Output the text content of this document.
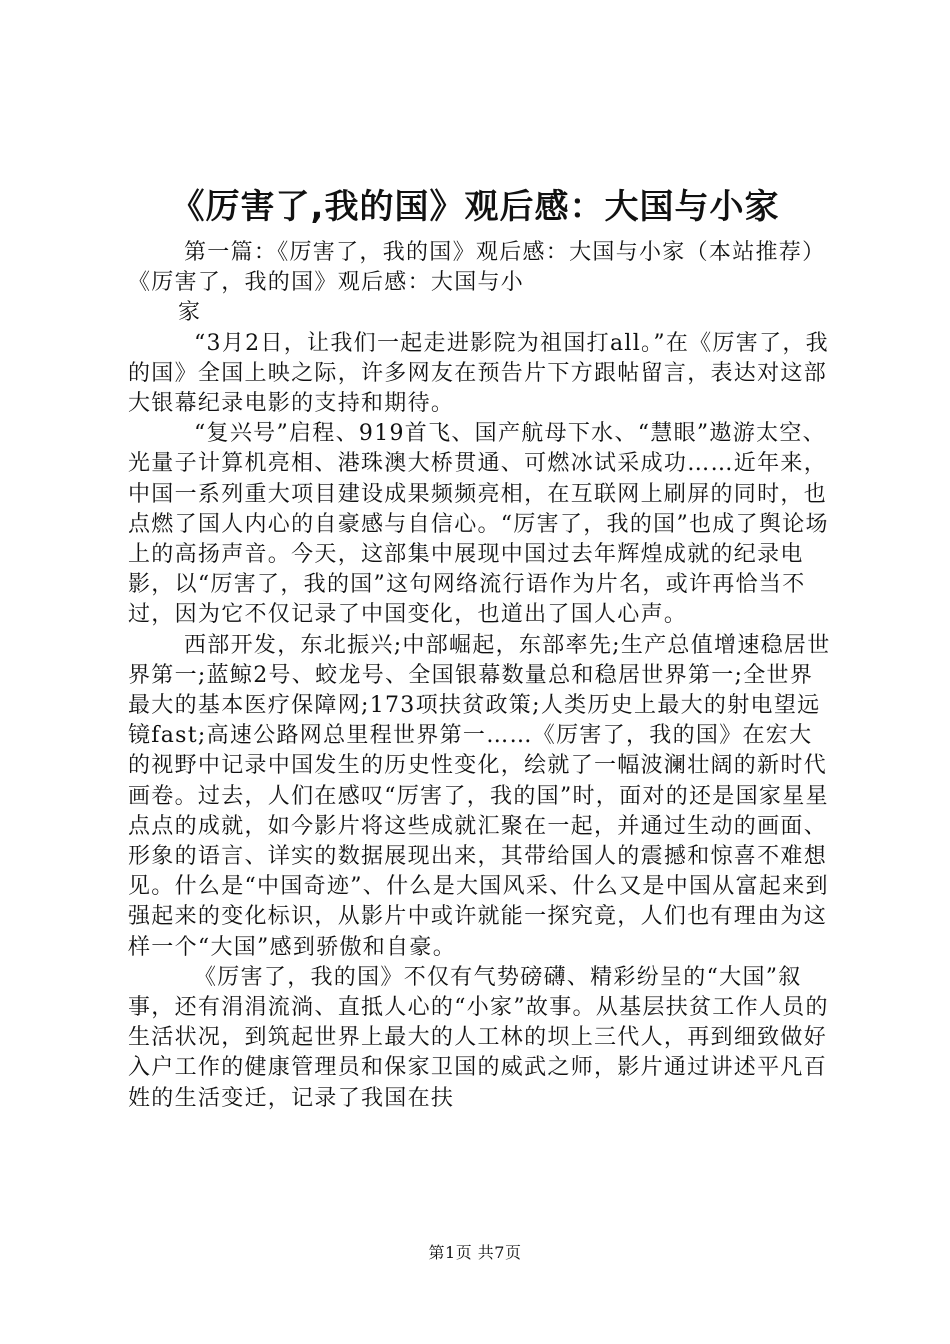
《厉害了,我的国》观后感：大国与小家

第一篇：《厉害了，我的国》观后感：大国与小家（本站推荐）《厉害了，我的国》观后感：大国与小

家

“3月2日，让我们一起走进影院为祖国打all。”在《厉害了，我的国》全国上映之际，许多网友在预告片下方跟帖留言，表达对这部大银幕纪录电影的支持和期待。

“复兴号”启程、919首飞、国产航母下水、“慧眼”遨游太空、光量子计算机亮相、港珠澳大桥贯通、可燃冰试采成功……近年来，中国一系列重大项目建设成果频频亮相，在互联网上刷屏的同时，也点燃了国人内心的自豪感与自信心。“厉害了，我的国”也成了舆论场上的高扬声音。今天，这部集中展现中国过去年辉煌成就的纪录电影，以“厉害了，我的国”这句网络流行语作为片名，或许再恰当不过，因为它不仅记录了中国变化，也道出了国人心声。

西部开发，东北振兴;中部崛起，东部率先;生产总值增速稳居世界第一;蓝鲸2号、蛟龙号、全国银幕数量总和稳居世界第一;全世界最大的基本医疗保障网;173项扶贫政策;人类历史上最大的射电望远镜fast;高速公路网总里程世界第一……《厉害了，我的国》在宏大的视野中记录中国发生的历史性变化，绘就了一幅波澜壮阔的新时代画卷。过去，人们在感叹“厉害了，我的国”时，面对的还是国家星星点点的成就，如今影片将这些成就汇聚在一起，并通过生动的画面、形象的语言、详实的数据展现出来，其带给国人的震撼和惊喜不难想见。什么是“中国奇迹”、什么是大国风采、什么又是中国从富起来到强起来的变化标识，从影片中或许就能一探究竟，人们也有理由为这样一个“大国”感到骄傲和自豪。

《厉害了，我的国》不仅有气势磅礴、精彩纷呈的“大国”叙事，还有涓涓流淌、直抵人心的“小家”故事。从基层扶贫工作人员的生活状况，到筑起世界上最大的人工林的坝上三代人，再到细致做好入户工作的健康管理员和保家卫国的威武之师，影片通过讲述平凡百姓的生活变迁，记录了我国在扶

第1页 共7页
